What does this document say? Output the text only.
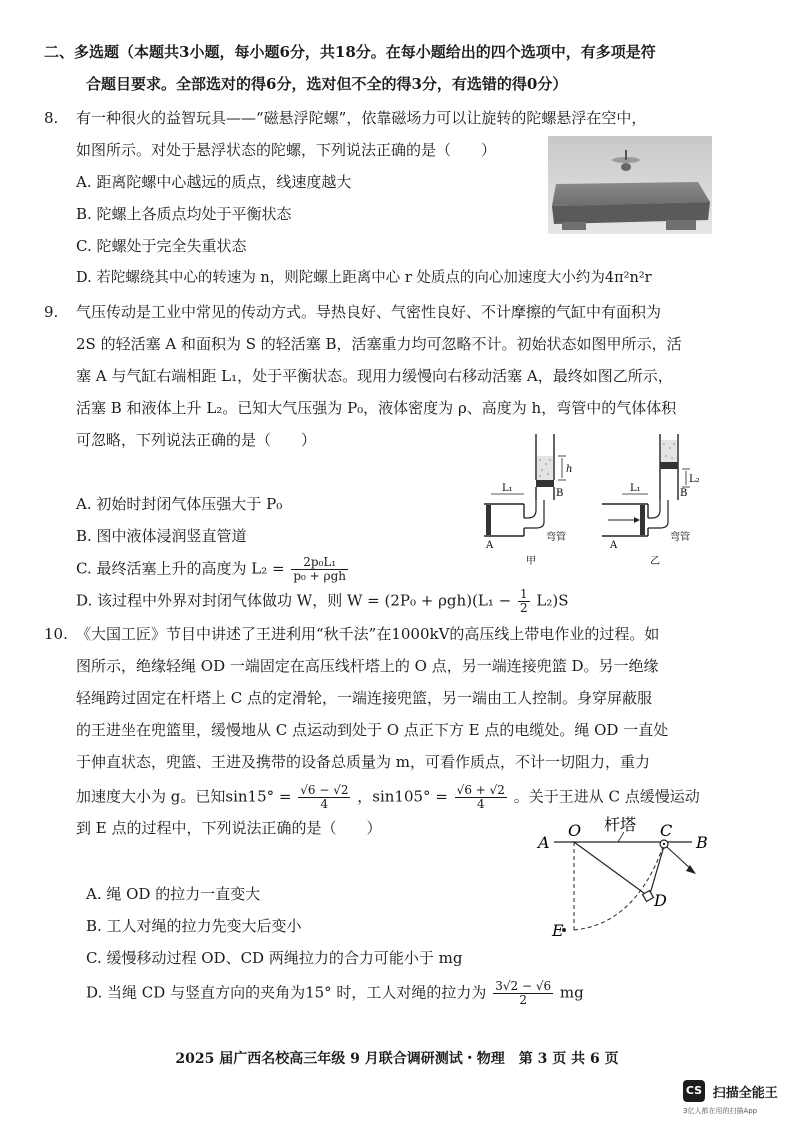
二、多选题（本题共3小题，每小题6分，共18分。在每小题给出的四个选项中，有多项是符
合题目要求。全部选对的得6分，选对但不全的得3分，有选错的得0分）
8. 有一种很火的益智玩具——“磁悬浮陀螺”，依靠磁场力可以让旋转的陀螺悬浮在空中，
如图所示。对处于悬浮状态的陀螺，下列说法正确的是（　　）
A. 距离陀螺中心越远的质点，线速度越大
B. 陀螺上各质点均处于平衡状态
C. 陀螺处于完全失重状态
D. 若陀螺绕其中心的转速为 n，则陀螺上距离中心 r 处质点的向心加速度大小约为4π²n²r
9. 气压传动是工业中常见的传动方式。导热良好、气密性良好、不计摩擦的气缸中有面积为
2S 的轻活塞 A 和面积为 S 的轻活塞 B，活塞重力均可忽略不计。初始状态如图甲所示，活
塞 A 与气缸右端相距 L₁，处于平衡状态。现用力缓慢向右移动活塞 A，最终如图乙所示，
活塞 B 和液体上升 L₂。已知大气压强为 P₀，液体密度为 ρ、高度为 h，弯管中的气体体积
可忽略，下列说法正确的是（　　）
A. 初始时封闭气体压强大于 P₀
B. 图中液体浸润竖直管道
C. 最终活塞上升的高度为 $L_2 = \frac{\text{2p₀L₁}}{\text{p₀ + ρgh}}$
D. 该过程中外界对封闭气体做功 W，则 $W = (2P_0 + \rho gh)(L_1 - \frac{1}{2} L_2)S$
h
L₁	B
A
弯管
甲
L₂
L₁	B
A
弯管
乙
10. 《大国工匠》节目中讲述了王进利用“秋千法”在1000kV的高压线上带电作业的过程。如
图所示，绝缘轻绳 OD 一端固定在高压线杆塔上的 O 点，另一端连接兜篮 D。另一绝缘
轻绳跨过固定在杆塔上 C 点的定滑轮，一端连接兜篮，另一端由工人控制。身穿屏蔽服
的王进坐在兜篮里，缓慢地从 C 点运动到处于 O 点正下方 E 点的电缆处。绳 OD 一直处
于伸直状态，兜篮、王进及携带的设备总质量为 m，可看作质点，不计一切阻力，重力
加速度大小为 g。已知$\sin 15^\circ = \frac{√6 - √2}{4}$ ，$\sin 105^\circ = \frac{√6 + √2}{4}$ 。关于王进从 C 点缓慢运动
到 E 点的过程中，下列说法正确的是（　　）
A. 绳 OD 的拉力一直变大
B. 工人对绳的拉力先变大后变小
C. 缓慢移动过程 OD、CD 两绳拉力的合力可能小于 mg
D. 当绳 CD 与竖直方向的夹角为15° 时，工人对绳的拉力为 $\frac{3√2 - √6}{2}$ mg
A
O 杆塔 C
B
D
E
2025 届广西名校高三年级 9 月联合调研测试・物理　第 3 页 共 6 页
CS 扫描全能王
3亿人都在用的扫描App
